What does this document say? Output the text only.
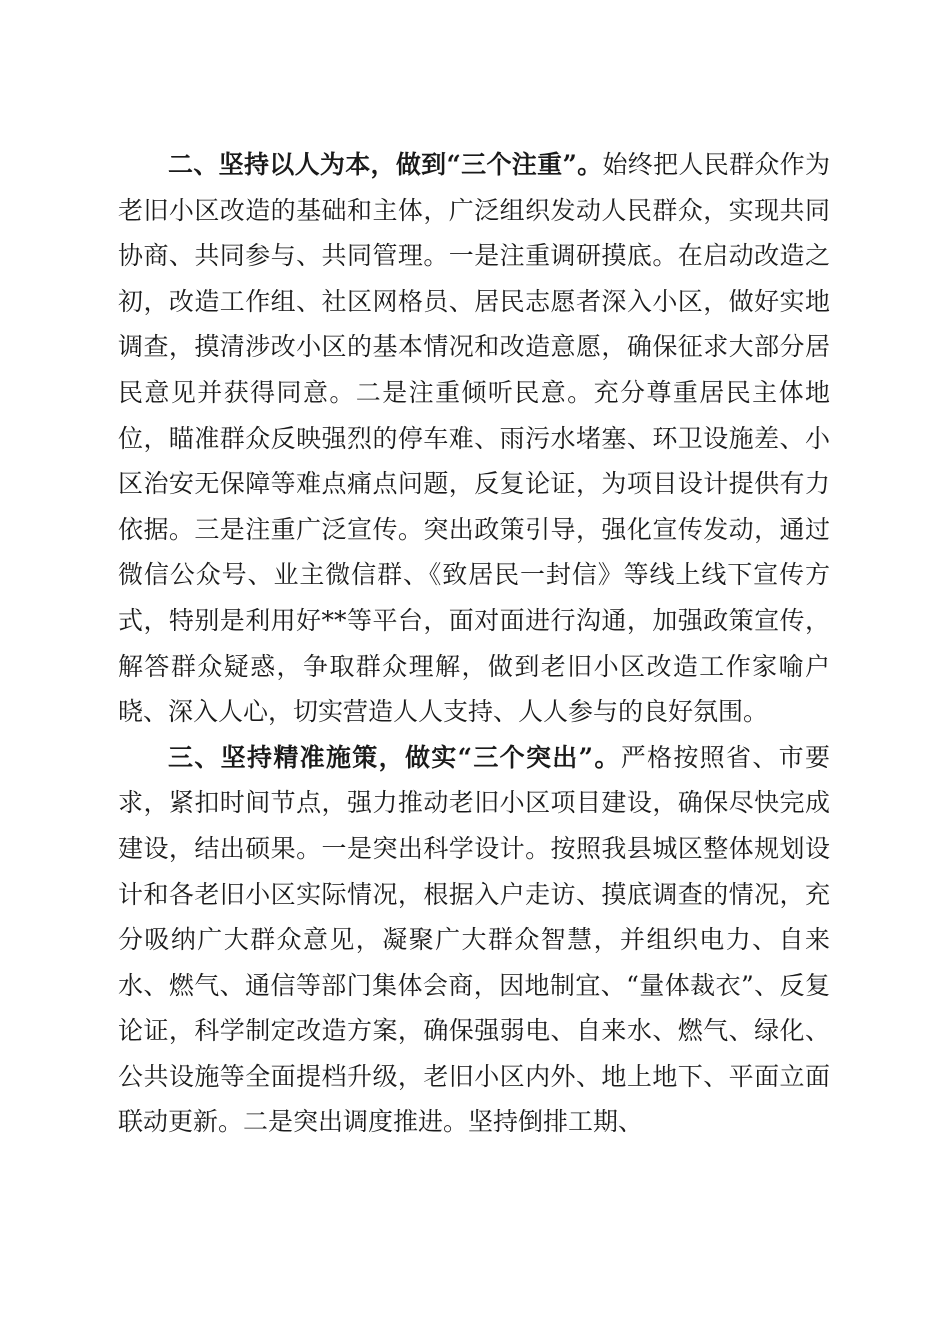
二、坚持以人为本，做到“三个注重”。始终把人民群众作为老旧小区改造的基础和主体，广泛组织发动人民群众，实现共同协商、共同参与、共同管理。一是注重调研摸底。在启动改造之初，改造工作组、社区网格员、居民志愿者深入小区，做好实地调查，摸清涉改小区的基本情况和改造意愿，确保征求大部分居民意见并获得同意。二是注重倾听民意。充分尊重居民主体地位，瞄准群众反映强烈的停车难、雨污水堵塞、环卫设施差、小区治安无保障等难点痛点问题，反复论证，为项目设计提供有力依据。三是注重广泛宣传。突出政策引导，强化宣传发动，通过微信公众号、业主微信群、《致居民一封信》等线上线下宣传方式，特别是利用好**等平台，面对面进行沟通，加强政策宣传，解答群众疑惑，争取群众理解，做到老旧小区改造工作家喻户晓、深入人心，切实营造人人支持、人人参与的良好氛围。

三、坚持精准施策，做实“三个突出”。严格按照省、市要求，紧扣时间节点，强力推动老旧小区项目建设，确保尽快完成建设，结出硕果。一是突出科学设计。按照我县城区整体规划设计和各老旧小区实际情况，根据入户走访、摸底调查的情况，充分吸纳广大群众意见，凝聚广大群众智慧，并组织电力、自来水、燃气、通信等部门集体会商，因地制宜、“量体裁衣”、反复论证，科学制定改造方案，确保强弱电、自来水、燃气、绿化、公共设施等全面提档升级，老旧小区内外、地上地下、平面立面联动更新。二是突出调度推进。坚持倒排工期、
